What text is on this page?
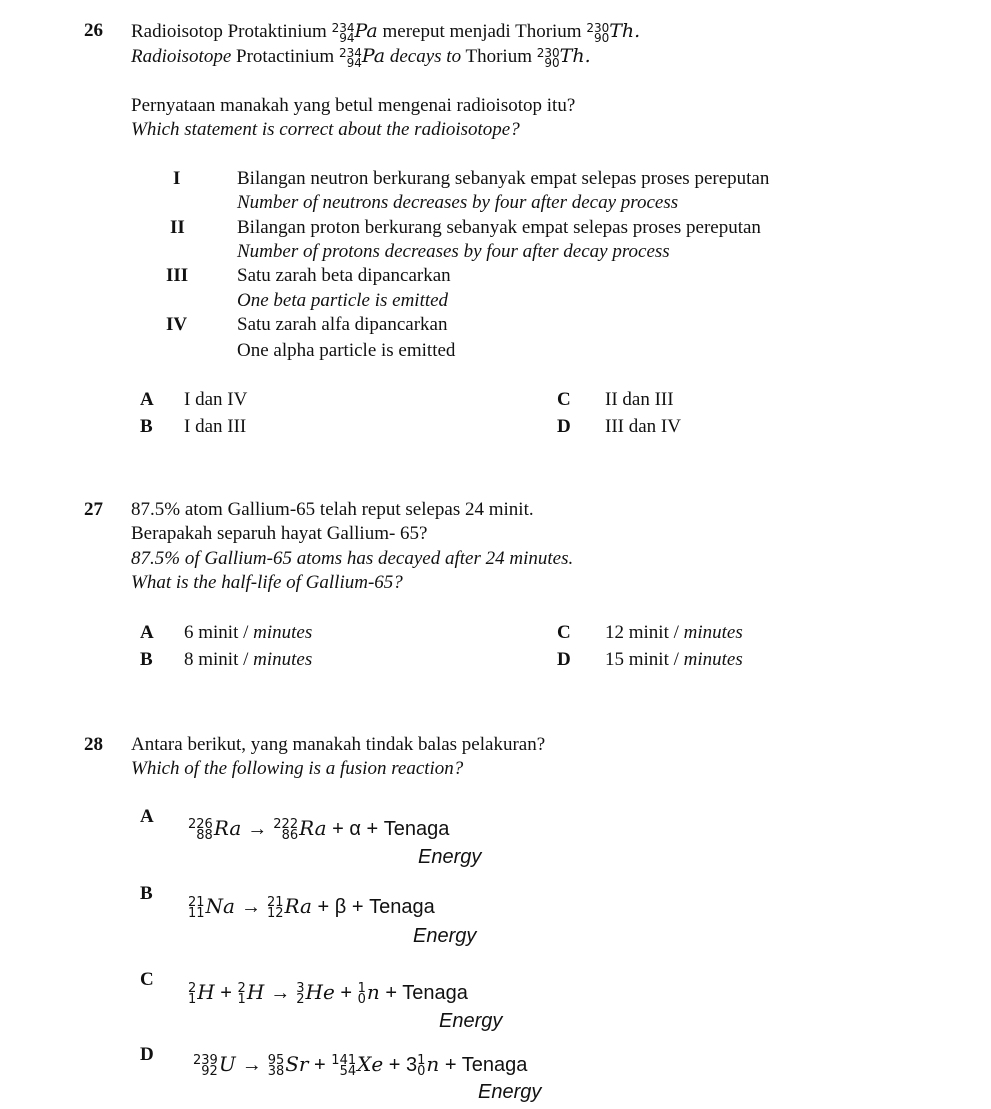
26 Radioisotop Protaktinium 234
94 Pa mereput menjadi Thorium 230
90 Th.
Radioisotope Protactinium 234
94 Pa decays to Thorium 230
90 Th.
Pernyataan manakah yang betul mengenai radioisotop itu?
Which statement is correct about the radioisotope?
I	Bilangan neutron berkurang sebanyak empat selepas proses pereputan
Number of neutrons decreases by four after decay process
II	Bilangan proton berkurang sebanyak empat selepas proses pereputan
Number of protons decreases by four after decay process
III	Satu zarah beta dipancarkan
One beta particle is emitted
IV	Satu zarah alfa dipancarkan
One alpha particle is emitted
A I dan IV
B I dan III
C II dan III
D III dan IV
27 87.5% atom Gallium-65 telah reput selepas 24 minit.
Berapakah separuh hayat Gallium- 65?
87.5% of Gallium-65 atoms has decayed after 24 minutes.
What is the half-life of Gallium-65?
A 6 minit / minutes
B 8 minit / minutes
C 12 minit / minutes
D 15 minit / minutes
28 Antara berikut, yang manakah tindak balas pelakuran?
Which of the following is a fusion reaction?
A	226
88 Ra → 222
86 Ra + α + Tenaga
Energy
B	21
11 Na → 21
12 Ra + β + Tenaga
Energy
C	2
1 H + 2
1 H → 3
2 He + 1
0 n + Tenaga
Energy
D	239
92 U → 95
38 Sr + 141
54 Xe + 3 1
0 n + Tenaga
Energy
